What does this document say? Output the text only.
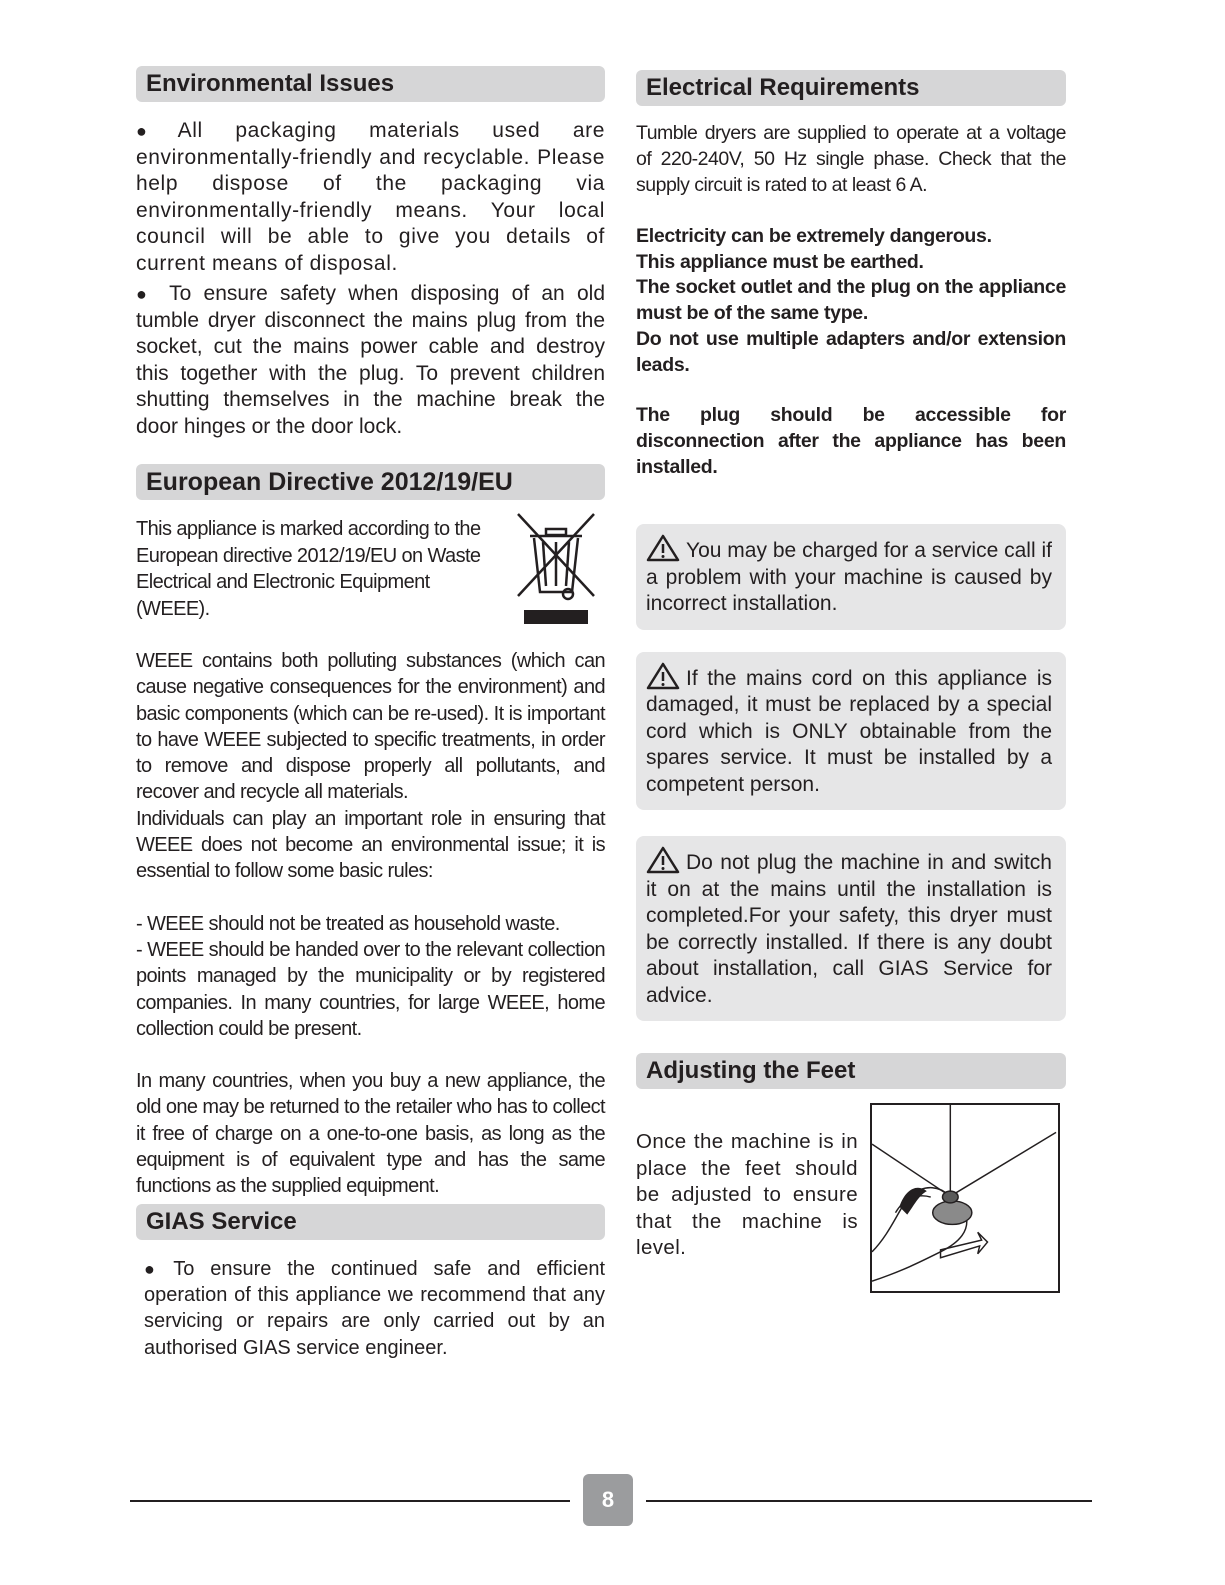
Environmental Issues

● All packaging materials used are environmentally-friendly and recyclable. Please help dispose of the packaging via environmentally-friendly means. Your local council will be able to give you details of current means of disposal.

● To ensure safety when disposing of an old tumble dryer disconnect the mains plug from the socket, cut the mains power cable and destroy this together with the plug. To prevent children shutting themselves in the machine break the door hinges or the door lock.

European Directive 2012/19/EU

This appliance is marked according to the European directive 2012/19/EU on Waste Electrical and Electronic Equipment (WEEE).

WEEE contains both polluting substances (which can cause negative consequences for the environment) and basic components (which can be re-used). It is important to have WEEE subjected to specific treatments, in order to remove and dispose properly all pollutants, and recover and recycle all materials.

Individuals can play an important role in ensuring that WEEE does not become an environmental issue; it is essential to follow some basic rules:

- WEEE should not be treated as household waste.

- WEEE should be handed over to the relevant collection points managed by the municipality or by registered companies. In many countries, for large WEEE, home collection could be present.

In many countries, when you buy a new appliance, the old one may be returned to the retailer who has to collect it free of charge on a one-to-one basis, as long as the equipment is of equivalent type and has the same functions as the supplied equipment.

GIAS Service

● To ensure the continued safe and efficient operation of this appliance we recommend that any servicing or repairs are only carried out by an authorised GIAS service engineer.

Electrical Requirements

Tumble dryers are supplied to operate at a voltage of 220-240V, 50 Hz single phase. Check that the supply circuit is rated to at least 6 A.

Electricity can be extremely dangerous.

This appliance must be earthed.

The socket outlet and the plug on the appliance must be of the same type.

Do not use multiple adapters and/or extension leads.

The plug should be accessible for disconnection after the appliance has been installed.

You may be charged for a service call if a problem with your machine is caused by incorrect installation.
If the mains cord on this appliance is damaged, it must be replaced by a special cord which is ONLY obtainable from the spares service. It must be installed by a competent person.
Do not plug the machine in and switch it on at the mains until the installation is completed.For your safety, this dryer must be correctly installed. If there is any doubt about installation, call GIAS Service for advice.
Adjusting the Feet

Once the machine is in place the feet should be adjusted to ensure that the machine is level.

8
